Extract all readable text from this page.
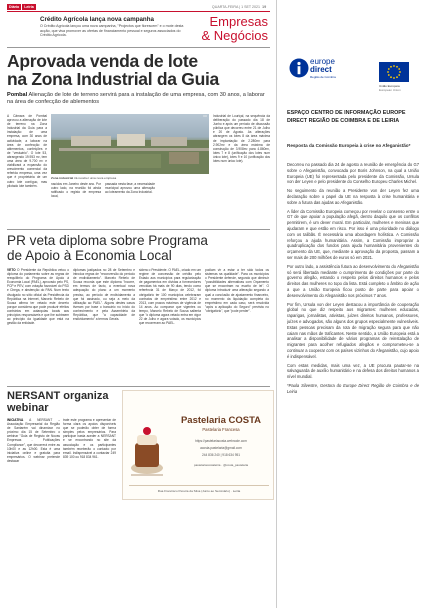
Diário	Leiria	QUARTA-FEIRA | 1 SET 2021 19
Crédito Agrícola lança nova campanha
O Crédito Agrícola lançou uma nova campanha, "Projectos que florescem" e o mote desta acção, que visa promover as ofertas de financiamento pessoal e seguros associados do Crédito Agrícola.
Empresas
& Negócios
Aprovada venda de lote
na Zona Industrial da Guia
Pombal Alienação de lote de terreno servirá para a instalação de uma empresa, com 30 anos, a laborar na área de confecção de ablementos
A Câmara de Pombal aprovou a alienação de lote de terreno na Zona Industrial da Guia para a instalação de uma empresa, com 30 anos de actividade, a laborar na área de confecção de ablementos, confeições e de "vestuário". O lote 53, abrangendo 19.953 m², tem uma área de 9.700 m² e viabilizará a expansão do crescimento comercial da referida empresa, uma vez que é proprietária de um outro lote contíguo, mas pilotado lote também.
DR
Zona industrial irá receber uma nova empresa
nacidos em Janeiro deste ano. Por outro lado, na reunião foi ainda ratificado o registo de empresa local,
passada nesta fase, a necessidade municipal aprovou uma alteração ao loteamento da Zona Industrial.
Industrial de Louriçal, na sequência da deliberação do passado dia 18 de Junho e após um período de discussão pública que decorreu entre 21 de Julho e 20 de Agosto. As alterações abrangem os lotes 8 da área máxima de implantação de 2.280m² para 2.902m² e da área máxima de construção de 3.908m² para 4.860m², lotes 7 e 8 (unificação dos lotes num único lote), lotes 9 e 10 (unificação dos lotes num único lote).
PR veta diploma sobre Programa
de Apoio à Economia Local
VETO O Presidente da República vetou o diploma do parlamento sobre as regras de reequilibrio do Programa de Apoio à Economia Local (PAEL), aprovado pelo PS, PCP e PEV, com votação favorável do PSD e Chega, e abstenção do PAN. Num texto divulgado no sítio oficial da Presidência da República na Internet, Marcelo Rebelo de Sousa afirma ter vetado este decreto porque considera que pode produzir efeitos contrários em autarquias locais aos princípios responsáveis e que lhe subtraem ao princípio da igualdade que está na gestão da entidade.
diplomas justiçados no 28 de Setembro e introduz regras de "reconversão do período de endividamento". Marcelo Rebelo de Sousa recorda que este diploma "incorre, em termos de facto, a eventual nova adequação do plano a um momento preciso, ao período de endividamento a que foi assinado, ou seja a meio da utilização ao PAEL". Alguns destes casos tiveram por base o bancário no início do conhecimento e pela Assembleia da República, que "a capacidade de endividamento" a termos Gerais.
sidera o Presidente. O PAEL, criado em um regime de concessão de crédito pelo Estado aos municípios para regularização de pagamentos em dívidas a fornecedores vencidas há mais de 90 dias, tendo como referência 31 de Março de 2012, foi obrigatório ter 100 municípios celebraram contratos de empréstimo entre 2012 e 2013, com prazos máximos de vigência de 14 anos. Ao comparar que vigentes ou tempo, Marcelo Rebelo de Sousa salienta que "o diploma agora vetado entra em vigor 22 de Julho e agora votado, os municípios que recorreram ao PAEL.
podiam vir a estar a ter sido todos os sistemas na qualidade". Para os municípios o Presidente defende, segundo que diminuir "possibilidades alternativas com Orçamento que se encontram no escrito de lei". O diploma introduzir uma alteração segundo a qual a conclusão de ajustamento financeiro, no momento da liquidação completa do empréstimo em cada caso, será resolvida "após a aplicação do Seguro" prevista no "obrigatório", que "pode perder".
NERSANT organiza
webinar
INICIATIVA A NERSANT – Associação Empresarial da Região de Santarém vai dinamizar no próximo dia 15 de Setembro o webinar "Guia de Registo de Novas Empresas - Publicações Compliance", que decorrerá entre as 10h00 e as 12h00. Esta é uma iniciativa online e gratuita para empresários. O webinar pretende destacar
trate este programa e apresentar de forma clara os apoios disponíveis que se poderão obter de forma simples pelos empresários. Para participar basta aceder a NERSANT e se encontrando no site da associação e os participantes também receberão o contacto por email. Indispensável a contactar 249 839 100 ou 918 834 961.
Pastelaria COSTA
Pastelaria Francesa
https://pastelariacosta.webnode.com
acosta.pastelaria@gmail.com
244 836 240 | 918 634 951
pastelariacostaleiria · @costa_pastelaria
Rua Francisco Pereira da Silva (Junto ao Seminário) · Leiria
europe
direct
Região de Coimbra
União Europeia
European Union
ESPAÇO CENTRO DE INFORMAÇÃO EUROPE DIRECT REGIÃO DE COIMBRA E DE LEIRIA
Resposta da Comissão Europeia à crise no Afeganistão*

Decorreu no passado dia 24 de agosto a reunião de emergência do G7 sobre o Afeganistão, convocada por Boris Johnson, na qual a União Europeia (UE) foi representada pelo presidente da Comissão, Ursula von der Leyen e pelo presidente do Conselho Europeu Charles Michel.

No seguimento da reunião a Presidente von der Leyen fez uma declaração sobre o papel da UE na resposta à crise humanitária e sobre a futura das ajudas ao Afeganistão.

A líder da Comissão Europeia começou por revelar o consenso entre o G7 de que apoiar a população afegã, dentro daquilo que os conflitos permitirem, é um dever moral. Em particular, mulheres e meninas que ajudaram e que estão em risco. Por isso é uma prioridade no diálogo com os talibãs. É necessária uma abordagem holística. A Comissão reforçou a ajuda humanitária. Assim, a Comissão impropriar a quadruplicação dos fundos para ajuda humanitária provenientes do orçamento da UE, que, mediante a aprovação da proposta, passam a ser mais de 200 milhões de euros só em 2021.

Por outro lado, a assistência futura ao desenvolvimento do Afeganistão só será libertada mediante o cumprimento de condições por parte do governo afegão, estando o respeito pelos direitos humanos e pelos direitos das mulheres no topo da lista. Está completo o âmbito de ação a que a União Europeia ficou posto de parte para apoiar o desenvolvimento do Afeganistão nos próximos 7 anos.

Por fim, Ursula von der Leyen destacou a importância de cooperação global no que diz respeito aos migrantes: mulheres educadas, raparigas, jornalistas, ativistas, juízes direitos humanos, professores, juízes e advogados, são alguns dos grupos especialmente vulneráveis. Estas pessoas precisam da rota de migração segura para que não caiam nas mãos de traficantes. Neste sentido, a União Europeia está a analisar a disponibilidade de vários programas de reinstalação de migrantes para acolher refugiados afegãos e comprometeu-se a continuar a cooperar com os países vizinhos do Afeganistão, cujo apoio é indispensável.

Com estas medidas, mais uma vez, a UE procura pautar-se na salvaguarda de auxílio humanitário e na defesa dos direitos humanos a nível mundial.

*Paula Silvestre, Gestora do Europe Direct Região de Coimbra e de Leiria
